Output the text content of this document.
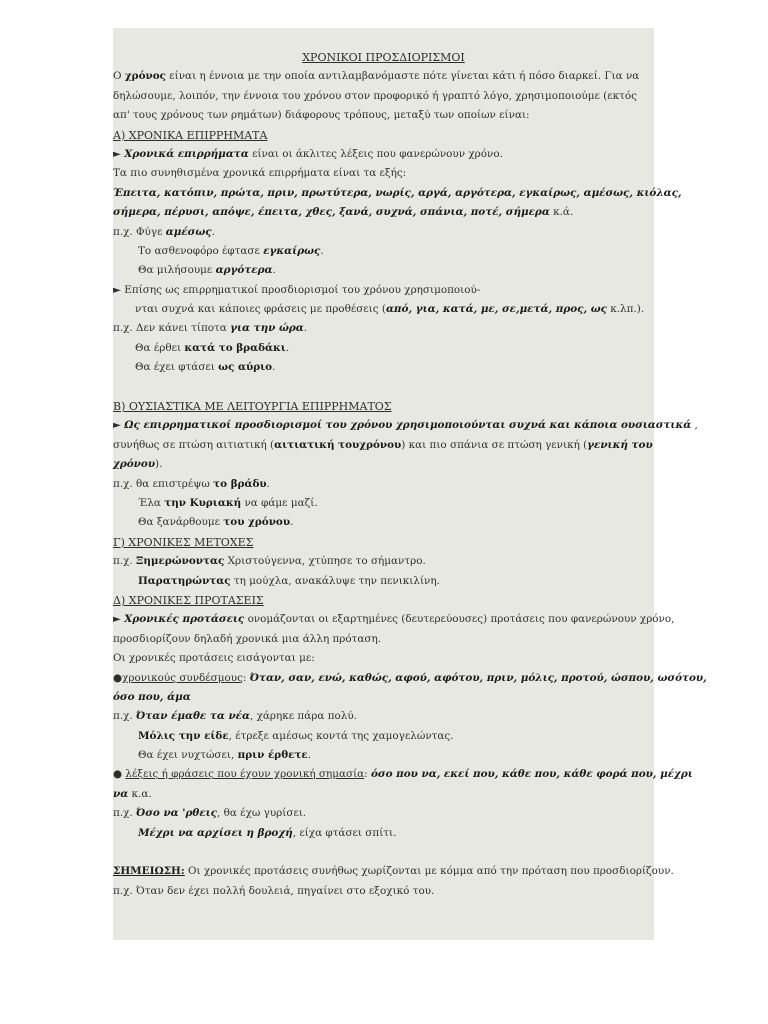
ΧΡΟΝΙΚΟΙ ΠΡΟΣΔΙΟΡΙΣΜΟΙ
Ο χρόνος είναι η έννοια με την οποία αντιλαμβανόμαστε πότε γίνεται κάτι ή πόσο διαρκεί. Για να
δηλώσουμε, λοιπόν, την έννοια του χρόνου στον προφορικό ή γραπτό λόγο, χρησιμοποιούμε (εκτός
απ' τους χρόνους των ρημάτων) διάφορους τρόπους, μεταξύ των οποίων είναι:
Α) ΧΡΟΝΙΚΑ ΕΠΙΡΡΗΜΑΤΑ
► Χρονικά επιρρήματα είναι οι άκλιτες λέξεις που φανερώνουν χρόνο.
Τα πιο συνηθισμένα χρονικά επιρρήματα είναι τα εξής:
Έπειτα, κατόπιν, πρώτα, πριν, πρωτύτερα, νωρίς, αργά, αργότερα, εγκαίρως, αμέσως, κιόλας,
σήμερα, πέρυσι, απόψε, έπειτα, χθες, ξανά, συχνά, σπάνια, ποτέ, σήμερα κ.ά.
π.χ. Φύγε αμέσως.
Το ασθενοφόρο έφτασε εγκαίρως.
Θα μιλήσουμε αργότερα.
► Επίσης ως επιρρηματικοί προσδιορισμοί του χρόνου χρησιμοποιού-
νται συχνά και κάποιες φράσεις με προθέσεις (από, για, κατά, με, σε,μετά, προς, ως κ.λπ.).
π.χ. Δεν κάνει τίποτα για την ώρα.
Θα έρθει κατά το βραδάκι.
Θα έχει φτάσει ως αύριο.
Β) ΟΥΣΙΑΣΤΙΚΑ ΜΕ ΛΕΙΤΟΥΡΓΙΑ ΕΠΙΡΡΗΜΑΤΟΣ
► Ως επιρρηματικοί προσδιορισμοί του χρόνου χρησιμοποιούνται συχνά και κάποια ουσιαστικά ,
συνήθως σε πτώση αιτιατική (αιτιατική τουχρόνου) και πιο σπάνια σε πτώση γενική (γενική του
χρόνου).
π.χ. θα επιστρέψω το βράδυ.
Έλα την Κυριακή να φάμε μαζί.
Θα ξανάρθουμε του χρόνου.
Γ) ΧΡΟΝΙΚΕΣ ΜΕΤΟΧΕΣ
π.χ. Ξημερώνοντας Χριστούγεννα, χτύπησε το σήμαντρο.
Παρατηρώντας τη μούχλα, ανακάλυψε την πενικιλίνη.
Δ) ΧΡΟΝΙΚΕΣ ΠΡΟΤΑΣΕΙΣ
► Χρονικές προτάσεις ονομάζονται οι εξαρτημένες (δευτερεύουσες) προτάσεις που φανερώνουν χρόνο,
προσδιορίζουν δηλαδή χρονικά μια άλλη πρόταση.
Οι χρονικές προτάσεις εισάγονται με:
●χρονικούς συνδέσμους: Όταν, σαν, ενώ, καθώς, αφού, αφότου, πριν, μόλις, προτού, ώσπου, ωσότου,
όσο που, άμα
π.χ. Όταν έμαθε τα νέα, χάρηκε πάρα πολύ.
Μόλις την είδε, έτρεξε αμέσως κοντά της χαμογελώντας.
Θα έχει νυχτώσει, πριν έρθετε.
● λέξεις ή φράσεις που έχουν χρονική σημασία: όσο που να, εκεί που, κάθε που, κάθε φορά που, μέχρι
να κ.α.
π.χ. Όσο να 'ρθεις, θα έχω γυρίσει.
Μέχρι να αρχίσει η βροχή, είχα φτάσει σπίτι.
ΣΗΜΕΙΩΣΗ: Οι χρονικές προτάσεις συνήθως χωρίζονται με κόμμα από την πρόταση που προσδιορίζουν.
π.χ. Όταν δεν έχει πολλή δουλειά, πηγαίνει στο εξοχικό του.
